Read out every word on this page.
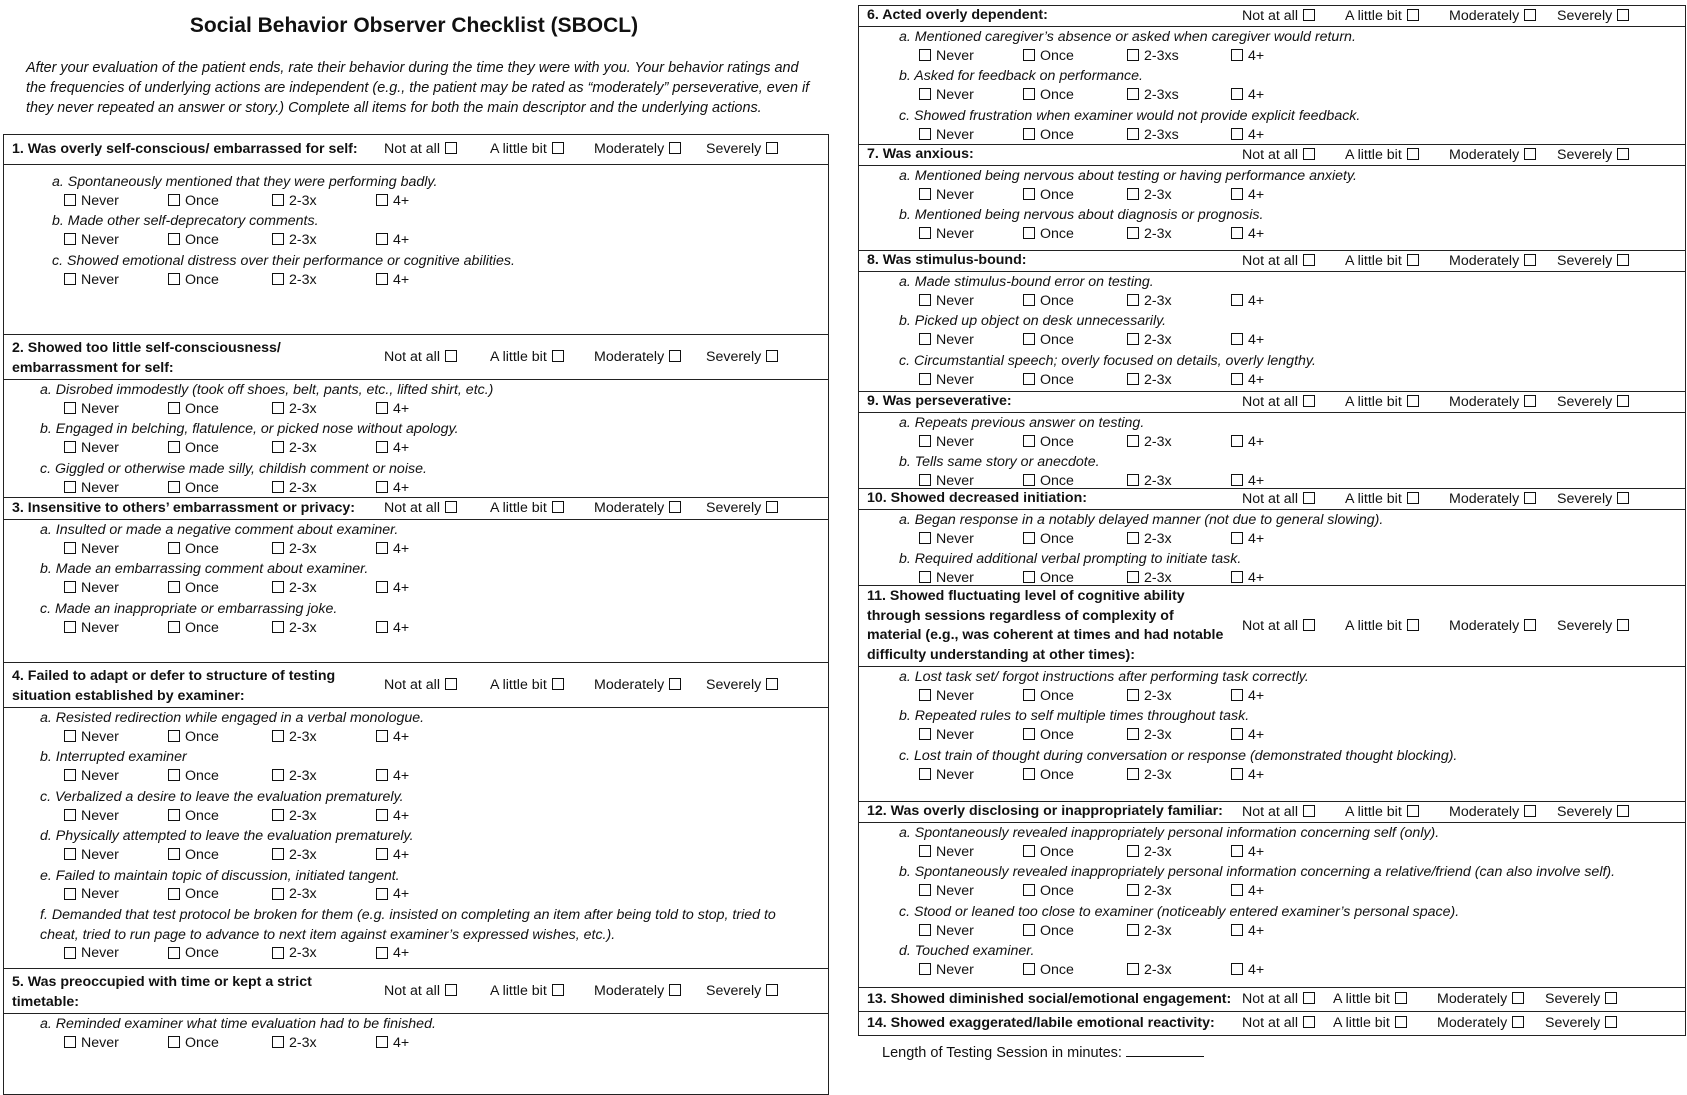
Social Behavior Observer Checklist (SBOCL)
After your evaluation of the patient ends, rate their behavior during the time they were with you. Your behavior ratings and
the frequencies of underlying actions are independent (e.g., the patient may be rated as “moderately” perseverative, even if
they never repeated an answer or story.) Complete all items for both the main descriptor and the underlying actions.
1. Was overly self-conscious/ embarrassed for self: Not at all	A little bit	Moderately	Severely
a. Spontaneously mentioned that they were performing badly.
Never	Once	2-3x	4+
b. Made other self-deprecatory comments.
Never	Once	2-3x	4+
c. Showed emotional distress over their performance or cognitive abilities.
Never	Once	2-3x	4+
2. Showed too little self-consciousness/
embarrassment for self:
Not at all	A little bit	Moderately	Severely
a. Disrobed immodestly (took off shoes, belt, pants, etc., lifted shirt, etc.)
Never	Once	2-3x	4+
b. Engaged in belching, flatulence, or picked nose without apology.
Never	Once	2-3x	4+
c. Giggled or otherwise made silly, childish comment or noise.
Never	Once	2-3x	4+
3. Insensitive to others’ embarrassment or privacy: Not at all	A little bit	Moderately	Severely
a. Insulted or made a negative comment about examiner.
Never	Once	2-3x	4+
b. Made an embarrassing comment about examiner.
Never	Once	2-3x	4+
c. Made an inappropriate or embarrassing joke.
Never	Once	2-3x	4+
4. Failed to adapt or defer to structure of testing
situation established by examiner:
Not at all	A little bit	Moderately	Severely
a. Resisted redirection while engaged in a verbal monologue.
Never	Once	2-3x	4+
b. Interrupted examiner
Never	Once	2-3x	4+
c. Verbalized a desire to leave the evaluation prematurely.
Never	Once	2-3x	4+
d. Physically attempted to leave the evaluation prematurely.
Never	Once	2-3x	4+
e. Failed to maintain topic of discussion, initiated tangent.
Never	Once	2-3x	4+
f. Demanded that test protocol be broken for them (e.g. insisted on completing an item after being told to stop, tried to
cheat, tried to run page to advance to next item against examiner’s expressed wishes, etc.).
Never	Once	2-3x	4+
5. Was preoccupied with time or kept a strict
timetable:
Not at all	A little bit	Moderately	Severely
a. Reminded examiner what time evaluation had to be finished.
Never	Once	2-3x	4+
6. Acted overly dependent:	Not at all	A little bit	Moderately	Severely
a. Mentioned caregiver’s absence or asked when caregiver would return.
Never	Once	2-3xs	4+
b. Asked for feedback on performance.
Never	Once	2-3xs	4+
c. Showed frustration when examiner would not provide explicit feedback.
Never	Once	2-3xs	4+
7. Was anxious:	Not at all	A little bit	Moderately	Severely
a. Mentioned being nervous about testing or having performance anxiety.
Never	Once	2-3x	4+
b. Mentioned being nervous about diagnosis or prognosis.
Never	Once	2-3x	4+
8. Was stimulus-bound:	Not at all	A little bit	Moderately	Severely
a. Made stimulus-bound error on testing.
Never	Once	2-3x	4+
b. Picked up object on desk unnecessarily.
Never	Once	2-3x	4+
c. Circumstantial speech; overly focused on details, overly lengthy.
Never	Once	2-3x	4+
9. Was perseverative:	Not at all	A little bit	Moderately	Severely
a. Repeats previous answer on testing.
Never	Once	2-3x	4+
b. Tells same story or anecdote.
Never	Once	2-3x	4+
10. Showed decreased initiation:	Not at all	A little bit	Moderately	Severely
a. Began response in a notably delayed manner (not due to general slowing).
Never	Once	2-3x	4+
b. Required additional verbal prompting to initiate task.
Never	Once	2-3x	4+
11. Showed fluctuating level of cognitive ability
through sessions regardless of complexity of
material (e.g., was coherent at times and had notable
difficulty understanding at other times):
Not at all	A little bit	Moderately	Severely
a. Lost task set/ forgot instructions after performing task correctly.
Never	Once	2-3x	4+
b. Repeated rules to self multiple times throughout task.
Never	Once	2-3x	4+
c. Lost train of thought during conversation or response (demonstrated thought blocking).
Never	Once	2-3x	4+
12. Was overly disclosing or inappropriately familiar: Not at all	A little bit	Moderately	Severely
a. Spontaneously revealed inappropriately personal information concerning self (only).
Never	Once	2-3x	4+
b. Spontaneously revealed inappropriately personal information concerning a relative/friend (can also involve self).
Never	Once	2-3x	4+
c. Stood or leaned too close to examiner (noticeably entered examiner’s personal space).
Never	Once	2-3x	4+
d. Touched examiner.
Never	Once	2-3x	4+
13. Showed diminished social/emotional engagement: Not at all	A little bit	Moderately	Severely
14. Showed exaggerated/labile emotional reactivity: Not at all	A little bit	Moderately	Severely
Length of Testing Session in minutes:
